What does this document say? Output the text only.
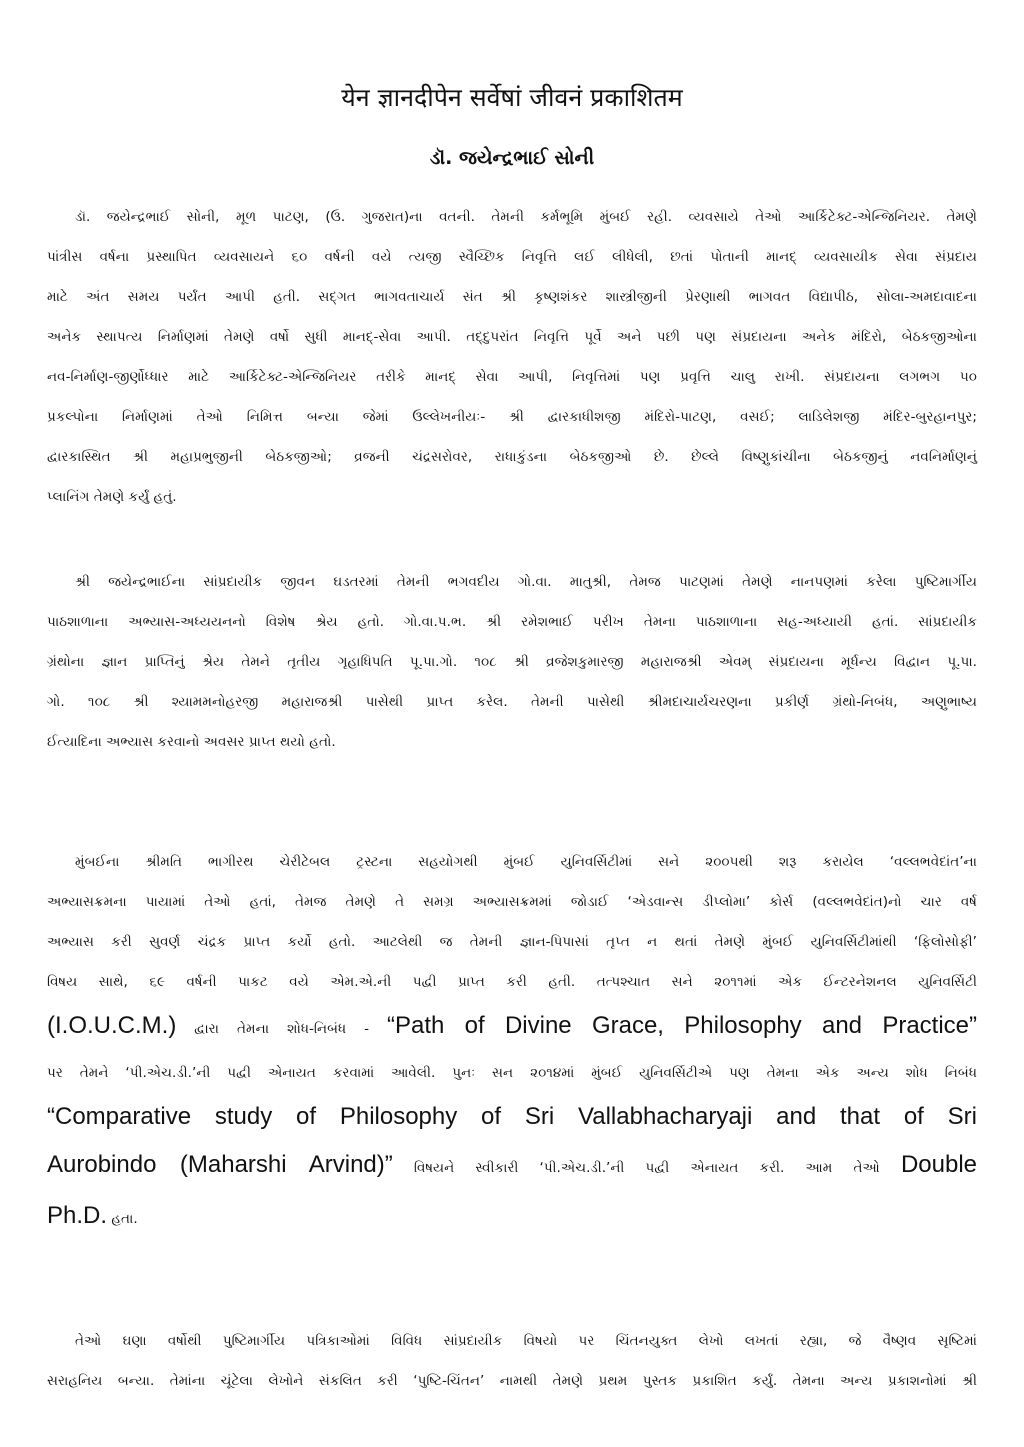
येन ज्ञानदीपेन सर्वेषां जीवनं प्रकाशितम
ડૉ. જયેન્દ્રભાઈ સોની

ડૉ. જયેન્દ્રભાઈ સોની, મૂળ પાટણ, (ઉ. ગુજરાત)ના વતની. તેમની કર્મભૂમિ મુંબઈ રહી. વ્યવસાયે તેઓ આર્કિટેક્ટ-એન્જિનિયર. તેમણે

પાંત્રીસ વર્ષના પ્રસ્થાપિત વ્યવસાયને ૬૦ વર્ષની વયે ત્યજી સ્વૈચ્છિક નિવૃત્તિ લઈ લીધેલી, છતાં પોતાની માનદ્ વ્યવસાયીક સેવા સંપ્રદાય

માટે અંત સમય પર્યંત આપી હતી. સદ્ગત ભાગવતાચાર્ય સંત શ્રી કૃષ્ણશંકર શાસ્ત્રીજીની પ્રેરણાથી ભાગવત વિદ્યાપીઠ, સોલા-અમદાવાદના

અનેક સ્થાપત્ય નિર્માણમાં તેમણે વર્ષો સુધી માનદ્-સેવા આપી. તદ્દુપરાંત નિવૃત્તિ પૂર્વે અને પછી પણ સંપ્રદાયના અનેક મંદિરો, બેઠકજીઓના

નવ-નિર્માણ-જીર્ણોધ્ધાર માટે આર્કિટેક્ટ-એન્જિનિયર તરીકે માનદ્ સેવા આપી, નિવૃત્તિમાં પણ પ્રવૃત્તિ ચાલુ રાખી. સંપ્રદાયના લગભગ ૫૦

પ્રકલ્પોના નિર્માણમાં તેઓ નિમિત્ત બન્યા જેમાં ઉલ્લેખનીયઃ- શ્રી દ્વારકાધીશજી મંદિરો-પાટણ, વસઈ; લાડિલેશજી મંદિર-બુરહાનપુર;

દ્વારકાસ્થિત શ્રી મહાપ્રભુજીની બેઠકજીઓ; વ્રજની ચંદ્રસરોવર, રાધાકુંડના બેઠકજીઓ છે. છેલ્લે વિષ્ણુકાંચીના બેઠકજીનું નવનિર્માણનું

પ્લાનિંગ તેમણે કર્યું હતું.

શ્રી જયેન્દ્રભાઈના સાંપ્રદાયીક જીવન ઘડતરમાં તેમની ભગવદીય ગો.વા. માતુશ્રી, તેમજ પાટણમાં તેમણે નાનપણમાં કરેલા પુષ્ટિમાર્ગીય

પાઠશાળાના અભ્યાસ-અધ્યયનનો વિશેષ શ્રેય હતો. ગો.વા.પ.ભ. શ્રી રમેશભાઈ પરીખ તેમના પાઠશાળાના સહ-અધ્યાયી હતાં. સાંપ્રદાયીક

ગ્રંથોના જ્ઞાન પ્રાપ્તિનું શ્રેય તેમને તૃતીય ગૃહાધિપતિ પૂ.પા.ગો. ૧૦૮ શ્રી વ્રજેશકુમારજી મહારાજશ્રી એવમ્ સંપ્રદાયના મૂર્ધન્ય વિદ્વાન પૂ.પા.

ગો. ૧૦૮ શ્રી શ્યામમનોહરજી મહારાજશ્રી પાસેથી પ્રાપ્ત કરેલ. તેમની પાસેથી શ્રીમદાચાર્યચરણના પ્રકીર્ણ ગ્રંથો-નિબંધ, અણુભાષ્ય

ઈત્યાદિના અભ્યાસ કરવાનો અવસર પ્રાપ્ત થયો હતો.

મુંબઈના શ્રીમતિ ભાગીરથ ચેરીટેબલ ટ્રસ્ટના સહયોગથી મુંબઈ યુનિવર્સિટીમાં સને ૨૦૦૫થી શરૂ કરાયેલ ‘વલ્લભવેદાંત’ના

અભ્યાસક્રમના પાયામાં તેઓ હતાં, તેમજ તેમણે તે સમગ્ર અભ્યાસક્રમમાં જોડાઈ ‘એડવાન્સ ડીપ્લોમા’ કોર્સ (વલ્લભવેદાંત)નો ચાર વર્ષ

અભ્યાસ કરી સુવર્ણ ચંદ્રક પ્રાપ્ત કર્યો હતો. આટલેથી જ તેમની જ્ઞાન-પિપાસાં તૃપ્ત ન થતાં તેમણે મુંબઈ યુનિવર્સિટીમાંથી ‘ફિલોસોફી’

વિષય સાથે, ૬૯ વર્ષની પાકટ વયે એમ.એ.ની પદ્વી પ્રાપ્ત કરી હતી. તત્પશ્ચાત સને ૨૦૧૧માં એક ઈન્ટરનેશનલ યુનિવર્સિટી

(I.O.U.C.M.) દ્વારા તેમના શોધ-નિબંધ - “Path of Divine Grace, Philosophy and Practice”

પર તેમને ‘પી.એચ.ડી.’ની પદ્વી એનાયત કરવામાં આવેલી. પુનઃ સન ૨૦૧૪માં મુંબઈ યુનિવર્સિટીએ પણ તેમના એક અન્ય શોધ નિબંધ

“Comparative study of Philosophy of Sri Vallabhacharyaji and that of Sri

Aurobindo (Maharshi Arvind)” વિષયને સ્વીકારી ‘પી.એચ.ડી.’ની પદ્વી એનાયત કરી. આમ તેઓ Double

Ph.D. હતા.

તેઓ ઘણા વર્ષોથી પુષ્ટિમાર્ગીય પત્રિકાઓમાં વિવિધ સાંપ્રદાયીક વિષયો પર ચિંતનયુક્ત લેખો લખતાં રહ્યા, જે વૈષ્ણવ સૃષ્ટિમાં

સરાહનિય બન્યા. તેમાંના ચૂંટેલા લેખોને સંકલિત કરી ‘પુષ્ટિ-ચિંતન’ નામથી તેમણે પ્રથમ પુસ્તક પ્રકાશિત કર્યું. તેમના અન્ય પ્રકાશનોમાં શ્રી
